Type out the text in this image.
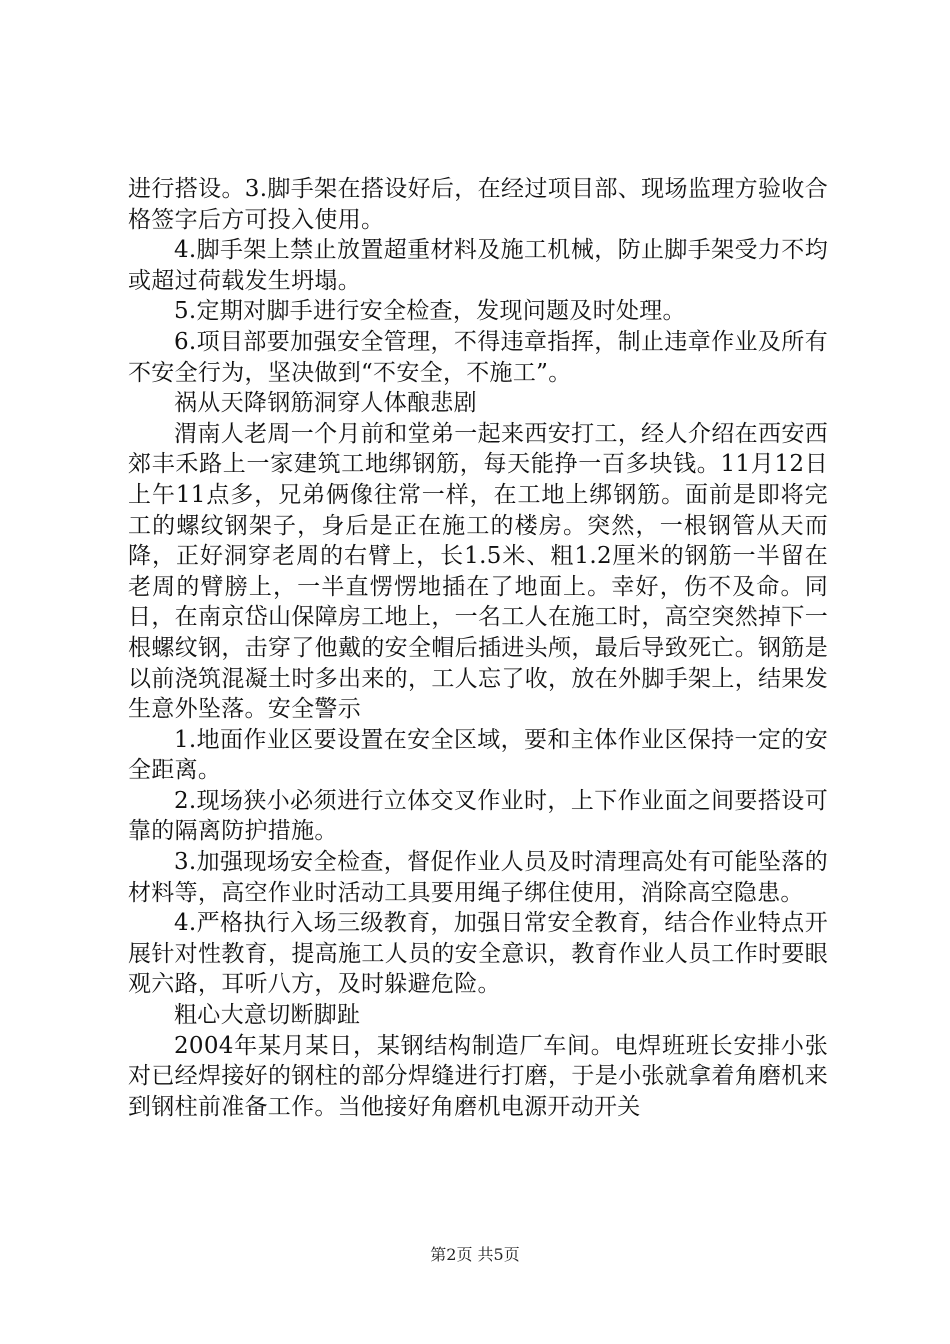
进行搭设。3.脚手架在搭设好后，在经过项目部、现场监理方验收合格签字后方可投入使用。

4.脚手架上禁止放置超重材料及施工机械，防止脚手架受力不均或超过荷载发生坍塌。

5.定期对脚手进行安全检查，发现问题及时处理。

6.项目部要加强安全管理，不得违章指挥，制止违章作业及所有不安全行为，坚决做到“不安全，不施工”。

祸从天降钢筋洞穿人体酿悲剧

渭南人老周一个月前和堂弟一起来西安打工，经人介绍在西安西郊丰禾路上一家建筑工地绑钢筋，每天能挣一百多块钱。11月12日上午11点多，兄弟俩像往常一样，在工地上绑钢筋。面前是即将完工的螺纹钢架子，身后是正在施工的楼房。突然，一根钢管从天而降，正好洞穿老周的右臂上，长1.5米、粗1.2厘米的钢筋一半留在老周的臂膀上，一半直愣愣地插在了地面上。幸好，伤不及命。同日，在南京岱山保障房工地上，一名工人在施工时，高空突然掉下一根螺纹钢，击穿了他戴的安全帽后插进头颅，最后导致死亡。钢筋是以前浇筑混凝土时多出来的，工人忘了收，放在外脚手架上，结果发生意外坠落。安全警示

1.地面作业区要设置在安全区域，要和主体作业区保持一定的安全距离。

2.现场狭小必须进行立体交叉作业时，上下作业面之间要搭设可靠的隔离防护措施。

3.加强现场安全检查，督促作业人员及时清理高处有可能坠落的材料等，高空作业时活动工具要用绳子绑住使用，消除高空隐患。

4.严格执行入场三级教育，加强日常安全教育，结合作业特点开展针对性教育，提高施工人员的安全意识，教育作业人员工作时要眼观六路，耳听八方，及时躲避危险。

粗心大意切断脚趾

2004年某月某日，某钢结构制造厂车间。电焊班班长安排小张对已经焊接好的钢柱的部分焊缝进行打磨，于是小张就拿着角磨机来到钢柱前准备工作。当他接好角磨机电源开动开关

第2页 共5页
